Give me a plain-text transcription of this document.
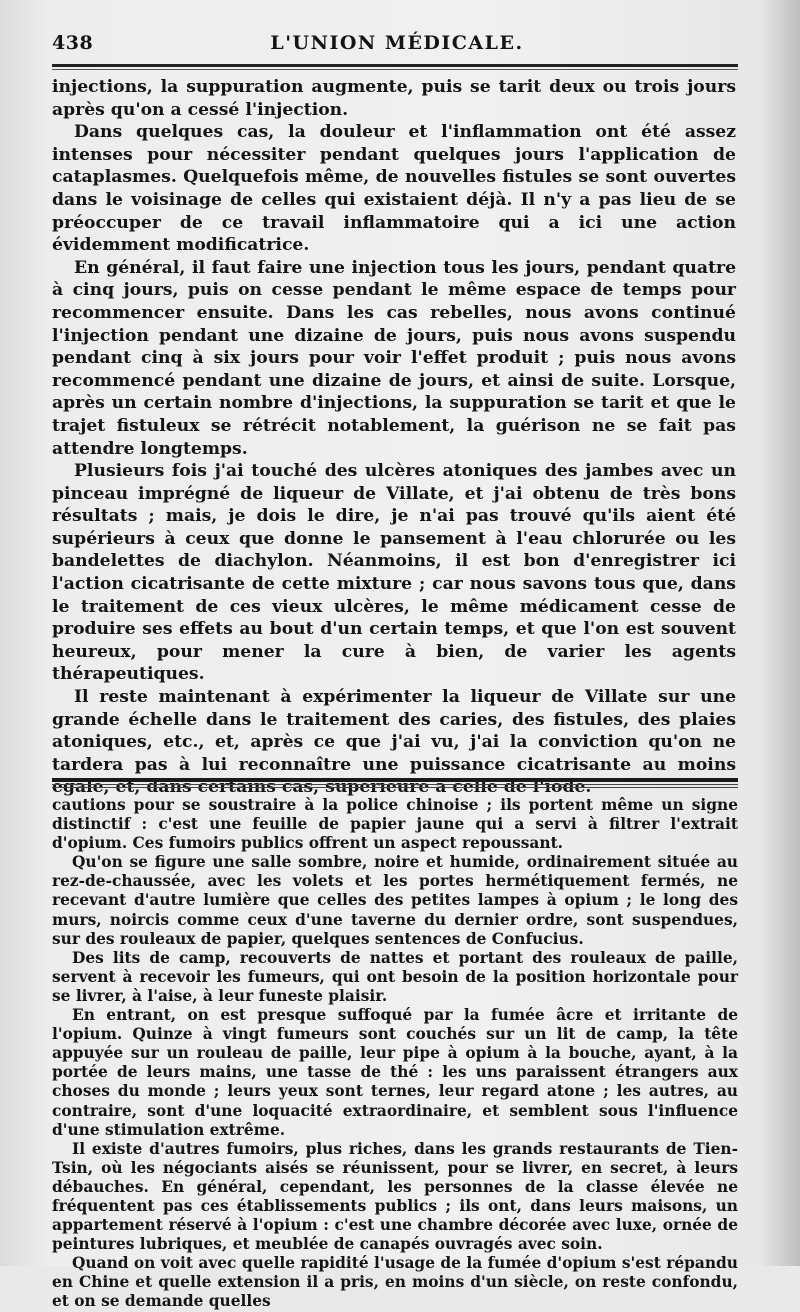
438	L'UNION MÉDICALE.

injections, la suppuration augmente, puis se tarit deux ou trois jours après qu'on a cessé l'injection.

Dans quelques cas, la douleur et l'inflammation ont été assez intenses pour nécessiter pendant quelques jours l'application de cataplasmes. Quelquefois même, de nouvelles fistules se sont ouvertes dans le voisinage de celles qui existaient déjà. Il n'y a pas lieu de se préoccuper de ce travail inflammatoire qui a ici une action évidemment modificatrice.

En général, il faut faire une injection tous les jours, pendant quatre à cinq jours, puis on cesse pendant le même espace de temps pour recommencer ensuite. Dans les cas rebelles, nous avons continué l'injection pendant une dizaine de jours, puis nous avons suspendu pendant cinq à six jours pour voir l'effet produit ; puis nous avons recommencé pendant une dizaine de jours, et ainsi de suite. Lorsque, après un certain nombre d'injections, la suppuration se tarit et que le trajet fistuleux se rétrécit notablement, la guérison ne se fait pas attendre longtemps.

Plusieurs fois j'ai touché des ulcères atoniques des jambes avec un pinceau imprégné de liqueur de Villate, et j'ai obtenu de très bons résultats ; mais, je dois le dire, je n'ai pas trouvé qu'ils aient été supérieurs à ceux que donne le pansement à l'eau chlorurée ou les bandelettes de diachylon. Néanmoins, il est bon d'enregistrer ici l'action cicatrisante de cette mixture ; car nous savons tous que, dans le traitement de ces vieux ulcères, le même médicament cesse de produire ses effets au bout d'un certain temps, et que l'on est souvent heureux, pour mener la cure à bien, de varier les agents thérapeutiques.

Il reste maintenant à expérimenter la liqueur de Villate sur une grande échelle dans le traitement des caries, des fistules, des plaies atoniques, etc., et, après ce que j'ai vu, j'ai la conviction qu'on ne tardera pas à lui reconnaître une puissance cicatrisante au moins à

cautions pour se soustraire à la police chinoise ; ils portent même un signe distinctif : c'est une feuille de papier jaune qui a servi à filtrer l'extrait d'opium. Ces fumoirs publics offrent un aspect repoussant.

Qu'on se figure une salle sombre, noire et humide, ordinairement située au rez-de-chaussée, avec les volets et les portes hermétiquement fermés, ne recevant d'autre lumière que celles des petites lampes à opium ; le long des murs, noircis comme ceux d'une taverne du dernier ordre, sont suspendues, sur des rouleaux de papier, quelques sentences de Confucius.

Des lits de camp, recouverts de nattes et portant des rouleaux de paille, servent à recevoir les fumeurs, qui ont besoin de la position horizontale pour se livrer, à l'aise, à leur funeste plaisir.

En entrant, on est presque suffoqué par la fumée âcre et irritante de l'opium. Quinze à vingt fumeurs sont couchés sur un lit de camp, la tête appuyée sur un rouleau de paille, leur pipe à opium à la bouche, ayant, à la portée de leurs mains, une tasse de thé : les uns paraissent étrangers aux choses du monde ; leurs yeux sont ternes, leur regard atone ; les autres, au contraire, sont d'une loquacité extraordinaire, et semblent sous l'influence d'une stimulation extrême.

Il existe d'autres fumoirs, plus riches, dans les grands restaurants de Tien-Tsin, où les négociants aisés se réunissent, pour se livrer, en secret, à leurs débauches. En général, cependant, les personnes de la classe élevée ne fréquentent pas ces établissements publics ; ils ont, dans leurs maisons, un appartement réservé à l'opium : c'est une chambre décorée avec luxe, ornée de peintures lubriques, et meublée de canapés ouvragés avec soin.

Quand on voit avec quelle rapidité l'usage de la fumée d'opium s'est répandu en Chine et quelle extension il a pris, en moins d'un siècle, on reste confondu, et on se demande quelles
